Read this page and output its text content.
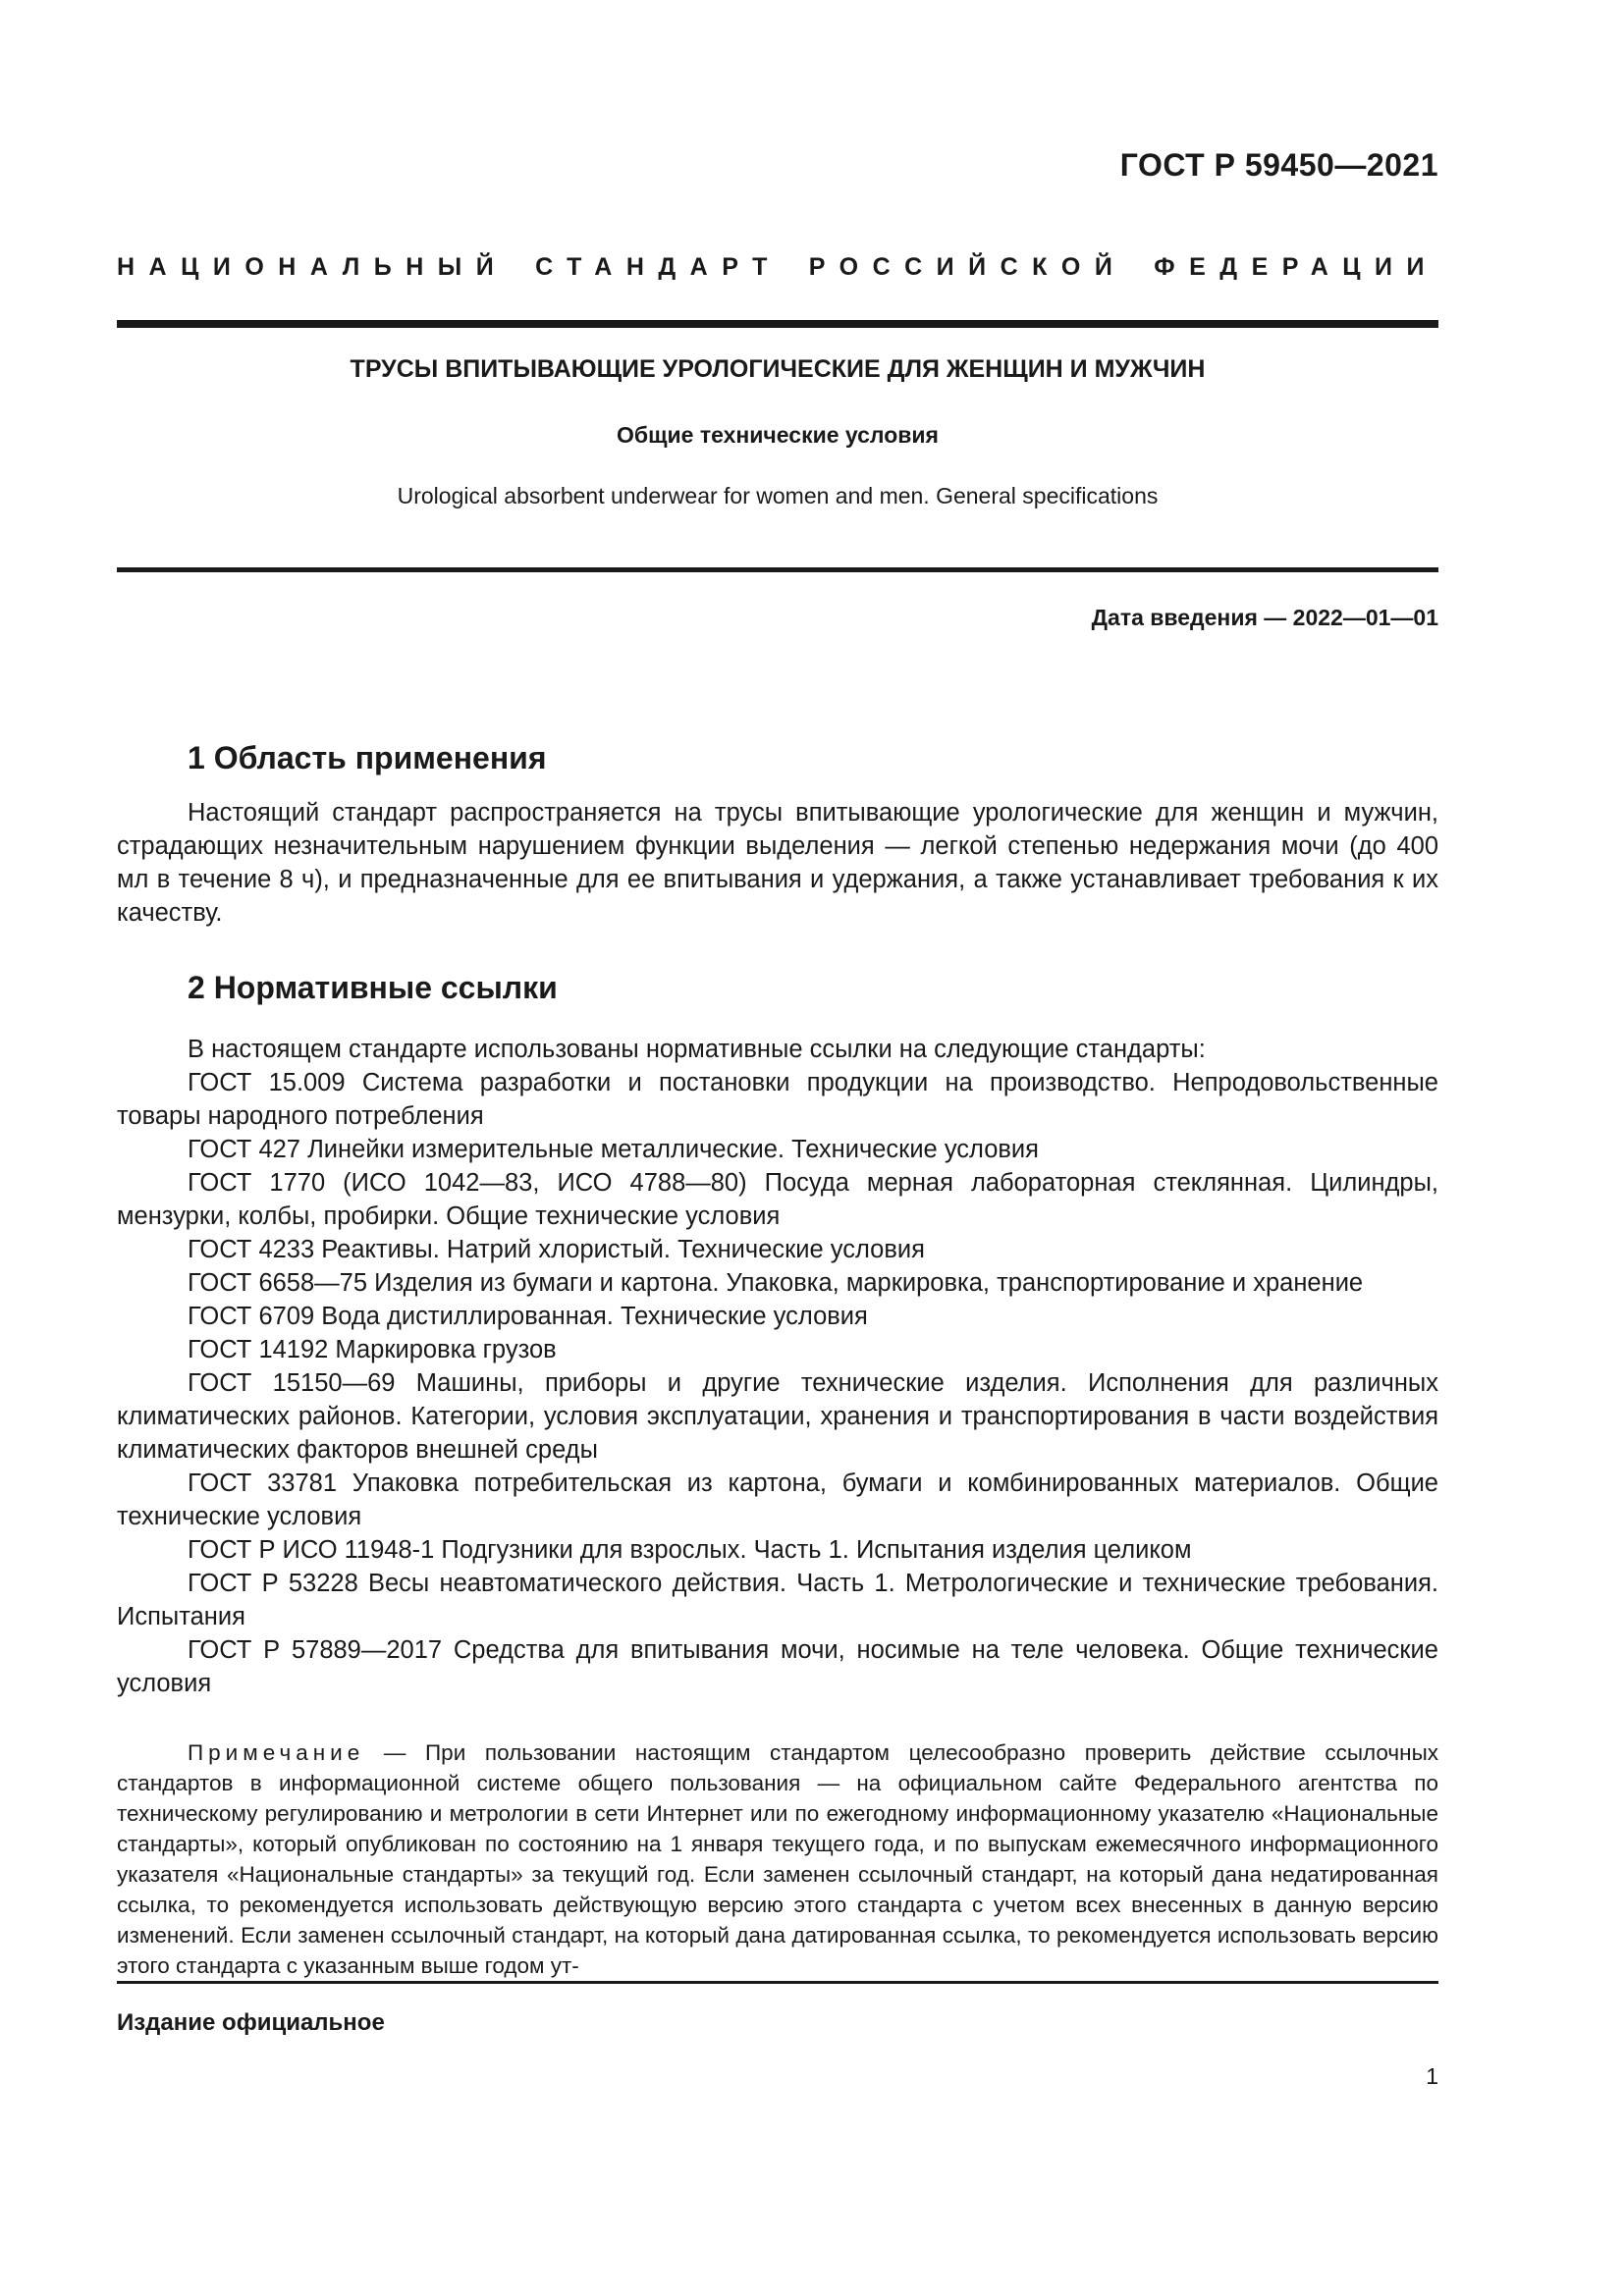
ГОСТ Р 59450—2021
НАЦИОНАЛЬНЫЙ СТАНДАРТ РОССИЙСКОЙ ФЕДЕРАЦИИ
ТРУСЫ ВПИТЫВАЮЩИЕ УРОЛОГИЧЕСКИЕ ДЛЯ ЖЕНЩИН И МУЖЧИН
Общие технические условия
Urological absorbent underwear for women and men. General specifications
Дата введения — 2022—01—01
1 Область применения

Настоящий стандарт распространяется на трусы впитывающие урологические для женщин и мужчин, страдающих незначительным нарушением функции выделения — легкой степенью недержания мочи (до 400 мл в течение 8 ч), и предназначенные для ее впитывания и удержания, а также устанавливает требования к их качеству.

2 Нормативные ссылки
В настоящем стандарте использованы нормативные ссылки на следующие стандарты:
ГОСТ 15.009 Система разработки и постановки продукции на производство. Непродовольственные товары народного потребления
ГОСТ 427 Линейки измерительные металлические. Технические условия
ГОСТ 1770 (ИСО 1042—83, ИСО 4788—80) Посуда мерная лабораторная стеклянная. Цилиндры, мензурки, колбы, пробирки. Общие технические условия
ГОСТ 4233 Реактивы. Натрий хлористый. Технические условия
ГОСТ 6658—75 Изделия из бумаги и картона. Упаковка, маркировка, транспортирование и хранение
ГОСТ 6709 Вода дистиллированная. Технические условия
ГОСТ 14192 Маркировка грузов
ГОСТ 15150—69 Машины, приборы и другие технические изделия. Исполнения для различных климатических районов. Категории, условия эксплуатации, хранения и транспортирования в части воздействия климатических факторов внешней среды
ГОСТ 33781 Упаковка потребительская из картона, бумаги и комбинированных материалов. Общие технические условия
ГОСТ Р ИСО 11948-1 Подгузники для взрослых. Часть 1. Испытания изделия целиком
ГОСТ Р 53228 Весы неавтоматического действия. Часть 1. Метрологические и технические требования. Испытания
ГОСТ Р 57889—2017 Средства для впитывания мочи, носимые на теле человека. Общие технические условия

Примечание — При пользовании настоящим стандартом целесообразно проверить действие ссылочных стандартов в информационной системе общего пользования — на официальном сайте Федерального агентства по техническому регулированию и метрологии в сети Интернет или по ежегодному информационному указателю «Национальные стандарты», который опубликован по состоянию на 1 января текущего года, и по выпускам ежемесячного информационного указателя «Национальные стандарты» за текущий год. Если заменен ссылочный стандарт, на который дана недатированная ссылка, то рекомендуется использовать действующую версию этого стандарта с учетом всех внесенных в данную версию изменений. Если заменен ссылочный стандарт, на который дана датированная ссылка, то рекомендуется использовать версию этого стандарта с указанным выше годом ут-

Издание официальное
1
